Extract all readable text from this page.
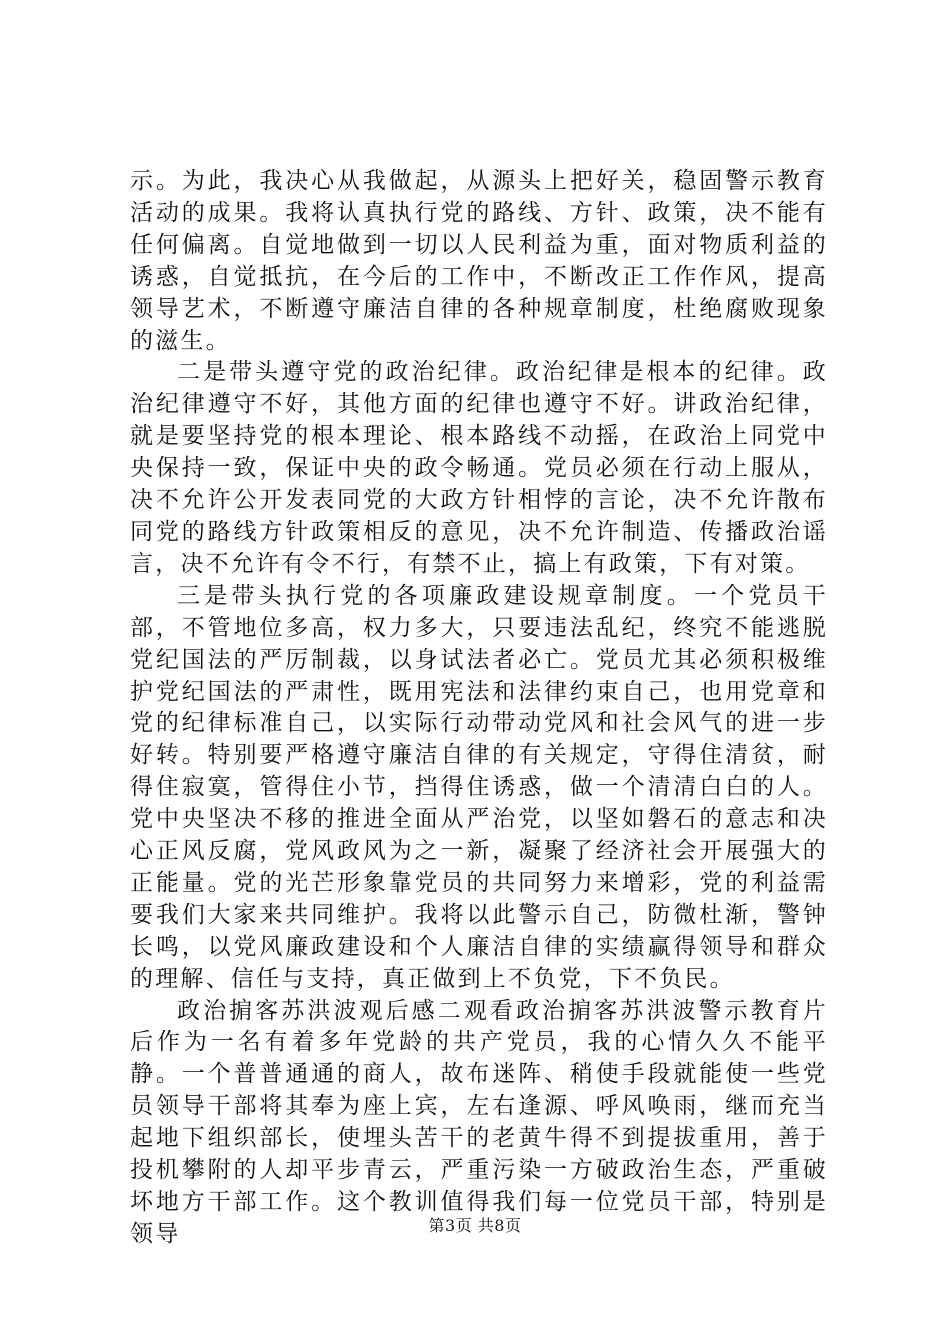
示。为此，我决心从我做起，从源头上把好关，稳固警示教育活动的成果。我将认真执行党的路线、方针、政策，决不能有任何偏离。自觉地做到一切以人民利益为重，面对物质利益的诱惑，自觉抵抗，在今后的工作中，不断改正工作作风，提高领导艺术，不断遵守廉洁自律的各种规章制度，杜绝腐败现象的滋生。

二是带头遵守党的政治纪律。政治纪律是根本的纪律。政治纪律遵守不好，其他方面的纪律也遵守不好。讲政治纪律，就是要坚持党的根本理论、根本路线不动摇，在政治上同党中央保持一致，保证中央的政令畅通。党员必须在行动上服从，决不允许公开发表同党的大政方针相悖的言论，决不允许散布同党的路线方针政策相反的意见，决不允许制造、传播政治谣言，决不允许有令不行，有禁不止，搞上有政策，下有对策。

三是带头执行党的各项廉政建设规章制度。一个党员干部，不管地位多高，权力多大，只要违法乱纪，终究不能逃脱党纪国法的严厉制裁，以身试法者必亡。党员尤其必须积极维护党纪国法的严肃性，既用宪法和法律约束自己，也用党章和党的纪律标准自己，以实际行动带动党风和社会风气的进一步好转。特别要严格遵守廉洁自律的有关规定，守得住清贫，耐得住寂寞，管得住小节，挡得住诱惑，做一个清清白白的人。党中央坚决不移的推进全面从严治党，以坚如磐石的意志和决心正风反腐，党风政风为之一新，凝聚了经济社会开展强大的正能量。党的光芒形象靠党员的共同努力来增彩，党的利益需要我们大家来共同维护。我将以此警示自己，防微杜渐，警钟长鸣，以党风廉政建设和个人廉洁自律的实绩赢得领导和群众的理解、信任与支持，真正做到上不负党，下不负民。

政治掮客苏洪波观后感二观看政治掮客苏洪波警示教育片后作为一名有着多年党龄的共产党员，我的心情久久不能平静。一个普普通通的商人，故布迷阵、稍使手段就能使一些党员领导干部将其奉为座上宾，左右逢源、呼风唤雨，继而充当起地下组织部长，使埋头苦干的老黄牛得不到提拔重用，善于投机攀附的人却平步青云，严重污染一方破政治生态，严重破坏地方干部工作。这个教训值得我们每一位党员干部，特别是领导	第3页 共8页
